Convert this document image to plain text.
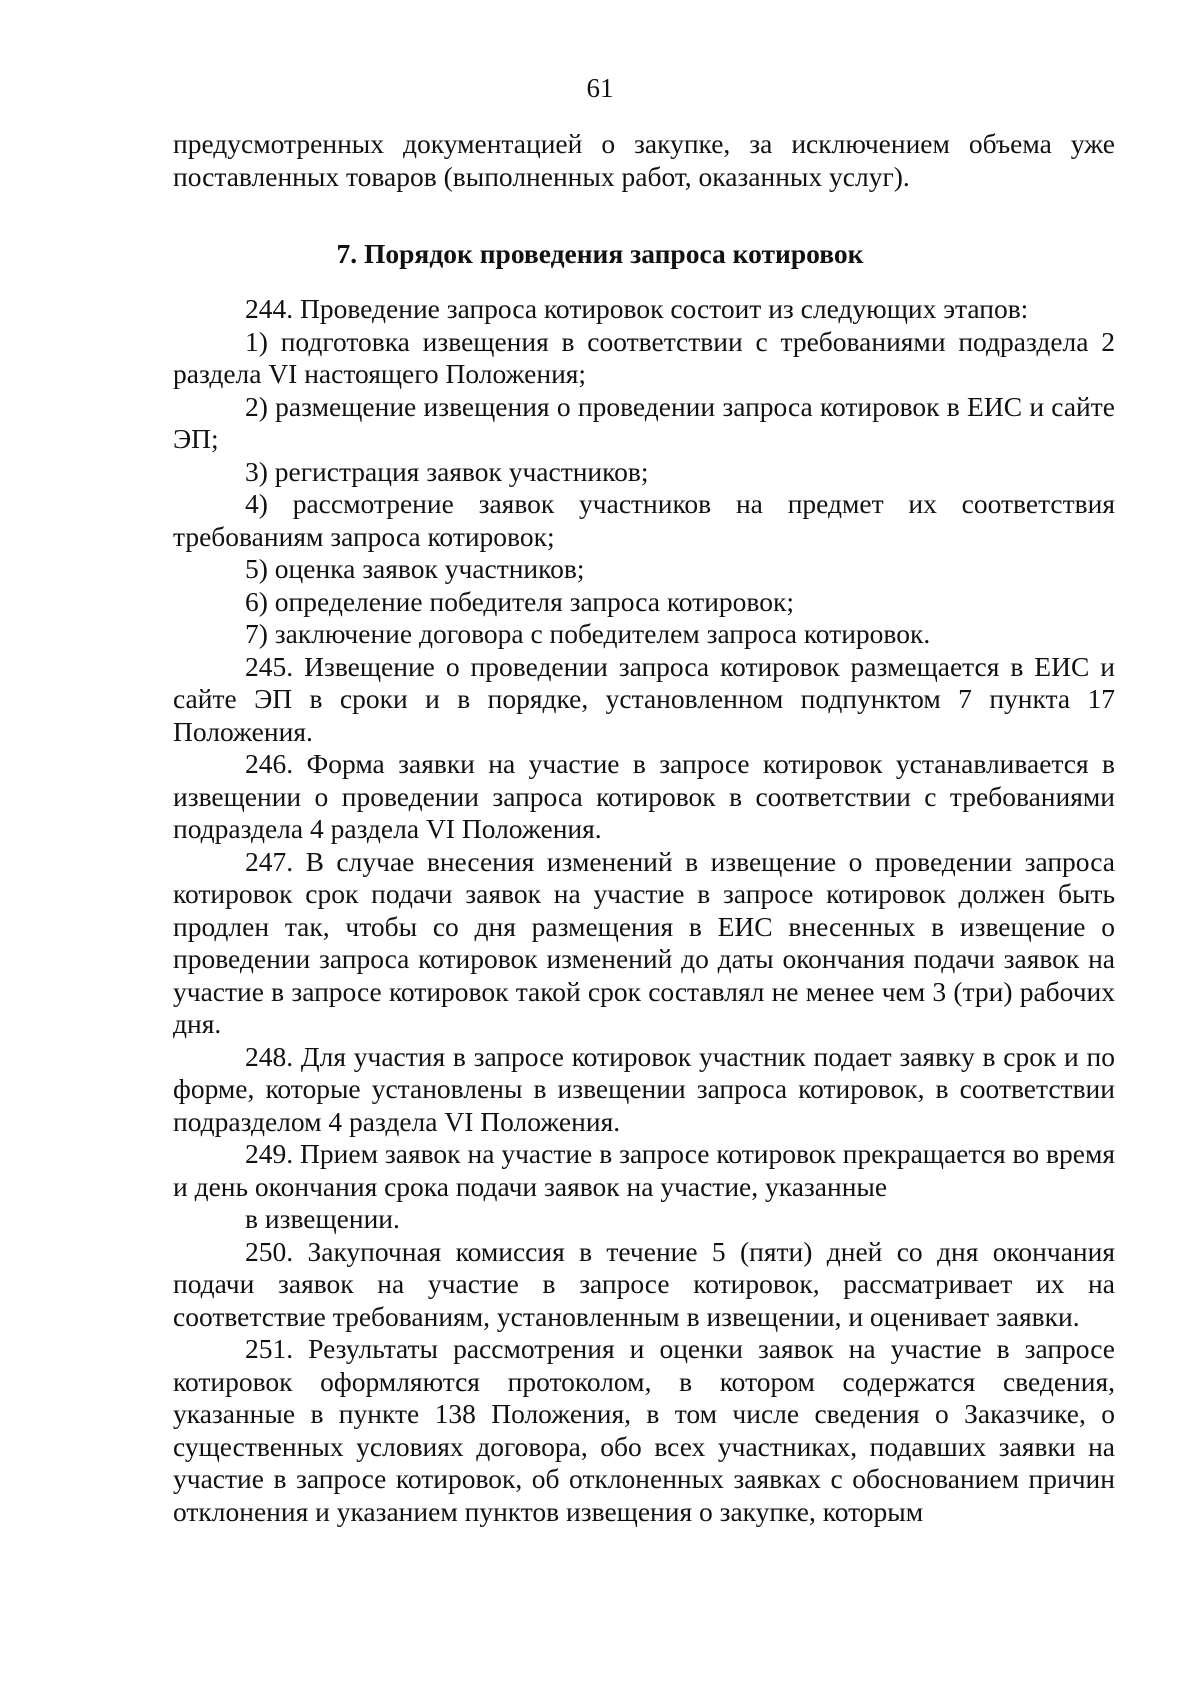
61

предусмотренных документацией о закупке, за исключением объема уже поставленных товаров (выполненных работ, оказанных услуг).

7. Порядок проведения запроса котировок

244. Проведение запроса котировок состоит из следующих этапов:

1) подготовка извещения в соответствии с требованиями подраздела 2 раздела VI настоящего Положения;

2) размещение извещения о проведении запроса котировок в ЕИС и сайте ЭП;

3) регистрация заявок участников;

4) рассмотрение заявок участников на предмет их соответствия требованиям запроса котировок;

5) оценка заявок участников;

6) определение победителя запроса котировок;

7) заключение договора с победителем запроса котировок.

245. Извещение о проведении запроса котировок размещается в ЕИС и сайте ЭП в сроки и в порядке, установленном подпунктом 7 пункта 17 Положения.

246. Форма заявки на участие в запросе котировок устанавливается в извещении о проведении запроса котировок в соответствии с требованиями подраздела 4 раздела VI Положения.

247. В случае внесения изменений в извещение о проведении запроса котировок срок подачи заявок на участие в запросе котировок должен быть продлен так, чтобы со дня размещения в ЕИС внесенных в извещение о проведении запроса котировок изменений до даты окончания подачи заявок на участие в запросе котировок такой срок составлял не менее чем 3 (три) рабочих дня.

248. Для участия в запросе котировок участник подает заявку в срок и по форме, которые установлены в извещении запроса котировок, в соответствии подразделом 4 раздела VI Положения.

249. Прием заявок на участие в запросе котировок прекращается во время и день окончания срока подачи заявок на участие, указанные

в извещении.

250. Закупочная комиссия в течение 5 (пяти) дней со дня окончания подачи заявок на участие в запросе котировок, рассматривает их на соответствие требованиям, установленным в извещении, и оценивает заявки.

251. Результаты рассмотрения и оценки заявок на участие в запросе котировок оформляются протоколом, в котором содержатся сведения, указанные в пункте 138 Положения, в том числе сведения о Заказчике, о существенных условиях договора, обо всех участниках, подавших заявки на участие в запросе котировок, об отклоненных заявках с обоснованием причин отклонения и указанием пунктов извещения о закупке, которым
